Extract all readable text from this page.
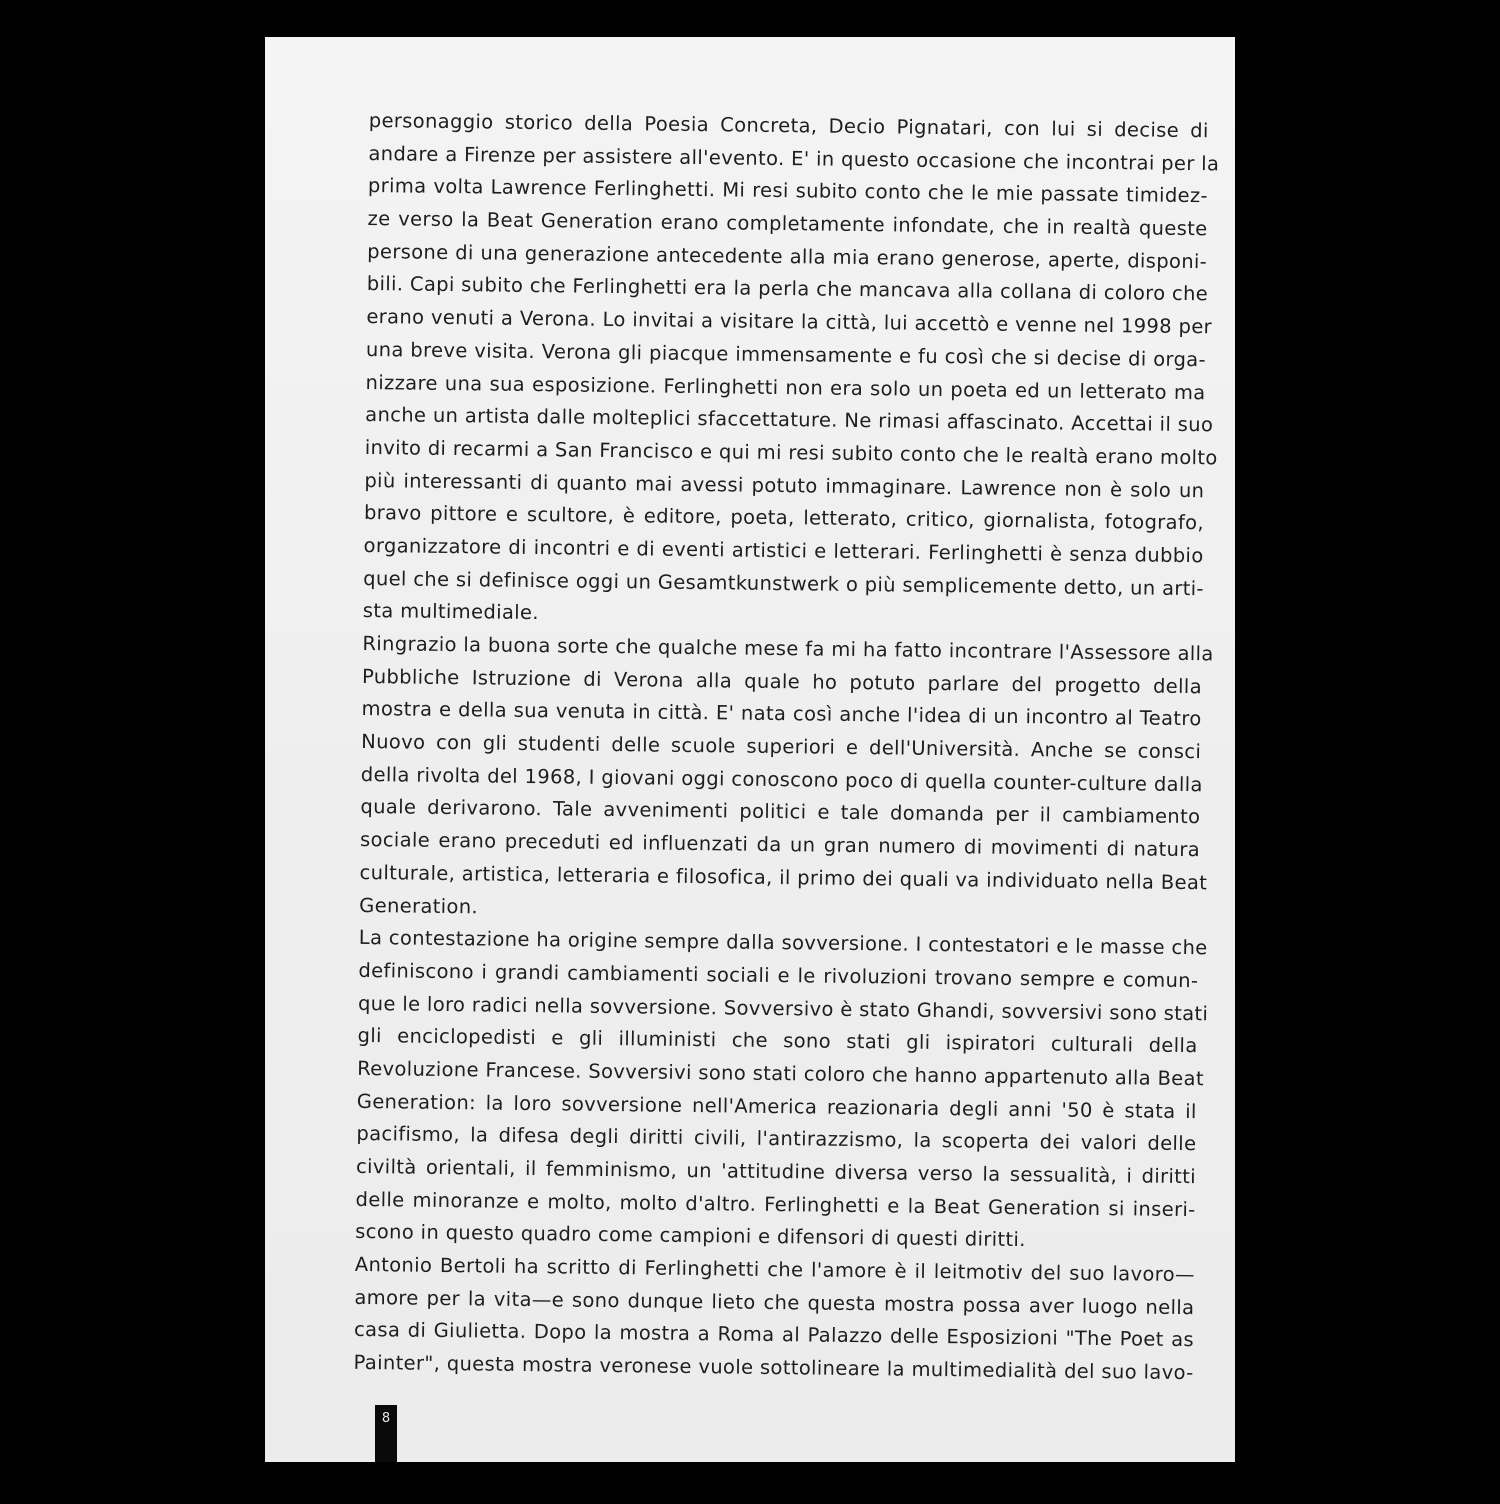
personaggio storico della Poesia Concreta, Decio Pignatari, con lui si decise di
andare a Firenze per assistere all'evento. E' in questo occasione che incontrai per la
prima volta Lawrence Ferlinghetti. Mi resi subito conto che le mie passate timidez-
ze verso la Beat Generation erano completamente infondate, che in realtà queste
persone di una generazione antecedente alla mia erano generose, aperte, disponi-
bili. Capi subito che Ferlinghetti era la perla che mancava alla collana di coloro che
erano venuti a Verona. Lo invitai a visitare la città, lui accettò e venne nel 1998 per
una breve visita. Verona gli piacque immensamente e fu così che si decise di orga-
nizzare una sua esposizione. Ferlinghetti non era solo un poeta ed un letterato ma
anche un artista dalle molteplici sfaccettature. Ne rimasi affascinato. Accettai il suo
invito di recarmi a San Francisco e qui mi resi subito conto che le realtà erano molto
più interessanti di quanto mai avessi potuto immaginare. Lawrence non è solo un
bravo pittore e scultore, è editore, poeta, letterato, critico, giornalista, fotografo,
organizzatore di incontri e di eventi artistici e letterari. Ferlinghetti è senza dubbio
quel che si definisce oggi un Gesamtkunstwerk o più semplicemente detto, un arti-
sta multimediale.
Ringrazio la buona sorte che qualche mese fa mi ha fatto incontrare l'Assessore alla
Pubbliche Istruzione di Verona alla quale ho potuto parlare del progetto della
mostra e della sua venuta in città. E' nata così anche l'idea di un incontro al Teatro
Nuovo con gli studenti delle scuole superiori e dell'Università. Anche se consci
della rivolta del 1968, I giovani oggi conoscono poco di quella counter-culture dalla
quale derivarono. Tale avvenimenti politici e tale domanda per il cambiamento
sociale erano preceduti ed influenzati da un gran numero di movimenti di natura
culturale, artistica, letteraria e filosofica, il primo dei quali va individuato nella Beat
Generation.
La contestazione ha origine sempre dalla sovversione. I contestatori e le masse che
definiscono i grandi cambiamenti sociali e le rivoluzioni trovano sempre e comun-
que le loro radici nella sovversione. Sovversivo è stato Ghandi, sovversivi sono stati
gli enciclopedisti e gli illuministi che sono stati gli ispiratori culturali della
Revoluzione Francese. Sovversivi sono stati coloro che hanno appartenuto alla Beat
Generation: la loro sovversione nell'America reazionaria degli anni '50 è stata il
pacifismo, la difesa degli diritti civili, l'antirazzismo, la scoperta dei valori delle
civiltà orientali, il femminismo, un 'attitudine diversa verso la sessualità, i diritti
delle minoranze e molto, molto d'altro. Ferlinghetti e la Beat Generation si inseri-
scono in questo quadro come campioni e difensori di questi diritti.
Antonio Bertoli ha scritto di Ferlinghetti che l'amore è il leitmotiv del suo lavoro—
amore per la vita—e sono dunque lieto che questa mostra possa aver luogo nella
casa di Giulietta. Dopo la mostra a Roma al Palazzo delle Esposizioni "The Poet as
Painter", questa mostra veronese vuole sottolineare la multimedialità del suo lavo-
8
